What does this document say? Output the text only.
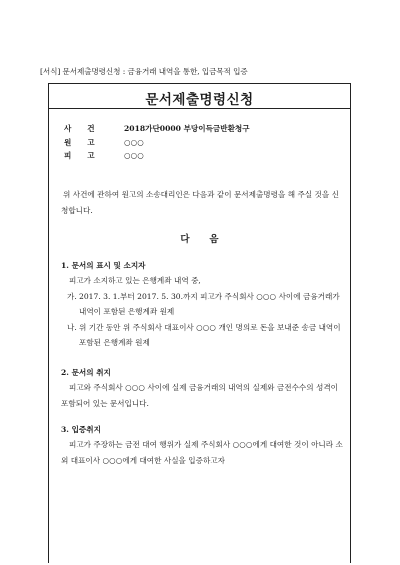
[서식] 문서제출명령신청 : 금융거래 내역을 통한, 입금목적 입증
문서제출명령신청
사      건	2018가단0000 부당이득금반환청구
원      고	○○○
피      고	○○○
위 사건에 관하여 원고의 소송대리인은 다음과 같이 문서제출명령을 해 주실 것을 신청합니다.
다      음
1. 문서의 표시 및 소지자
피고가 소지하고 있는 은행계좌 내역 중,
가. 2017. 3. 1.부터 2017. 5. 30.까지 피고가 주식회사 ○○○ 사이에 금융거래가 내역이 포함된 은행계좌 원제
나. 위 기간 동안 위 주식회사 대표이사 ○○○ 개인 명의로 돈을 보내준 송금 내역이 포함된 은행계좌 원제
2. 문서의 취지
피고와 주식회사 ○○○ 사이에 실제 금융거래의 내역의 실제와 금전수수의 성격이 포함되어 있는 문서입니다.
3. 입증취지
피고가 주장하는 금전 대여 행위가 실제 주식회사 ○○○에게 대여한 것이 아니라 소외 대표이사 ○○○에게 대여한 사실을 입증하고자
